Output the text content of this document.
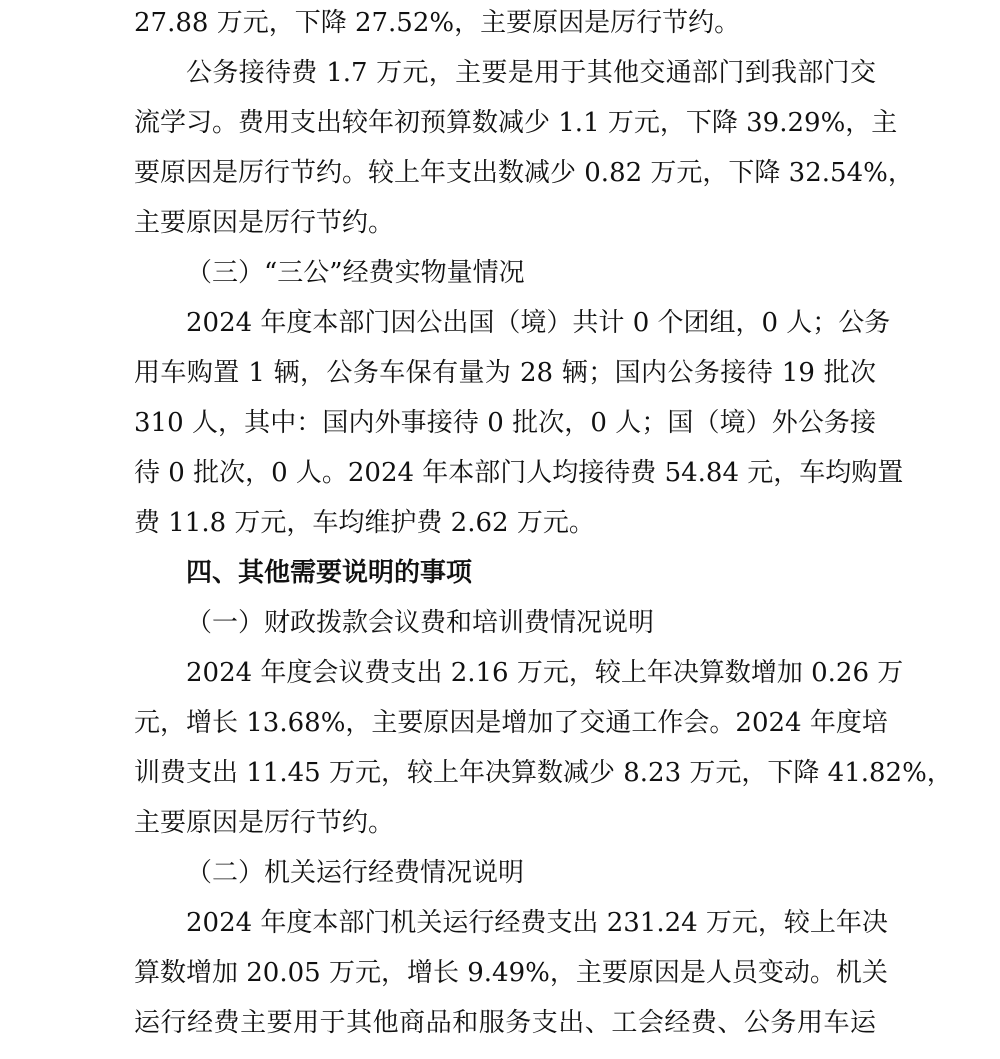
27.88 万元，下降 27.52%，主要原因是厉行节约。
公务接待费 1.7 万元，主要是用于其他交通部门到我部门交
流学习。费用支出较年初预算数减少 1.1 万元，下降 39.29%，主
要原因是厉行节约。较上年支出数减少 0.82 万元，下降 32.54%，
主要原因是厉行节约。
（三）“三公”经费实物量情况
2024 年度本部门因公出国（境）共计 0 个团组，0 人；公务
用车购置 1 辆，公务车保有量为 28 辆；国内公务接待 19 批次
310 人，其中：国内外事接待 0 批次，0 人；国（境）外公务接
待 0 批次，0 人。2024 年本部门人均接待费 54.84 元，车均购置
费 11.8 万元，车均维护费 2.62 万元。
四、其他需要说明的事项
（一）财政拨款会议费和培训费情况说明
2024 年度会议费支出 2.16 万元，较上年决算数增加 0.26 万
元，增长 13.68%，主要原因是增加了交通工作会。2024 年度培
训费支出 11.45 万元，较上年决算数减少 8.23 万元，下降 41.82%，
主要原因是厉行节约。
（二）机关运行经费情况说明
2024 年度本部门机关运行经费支出 231.24 万元，较上年决
算数增加 20.05 万元，增长 9.49%，主要原因是人员变动。机关
运行经费主要用于其他商品和服务支出、工会经费、公务用车运
